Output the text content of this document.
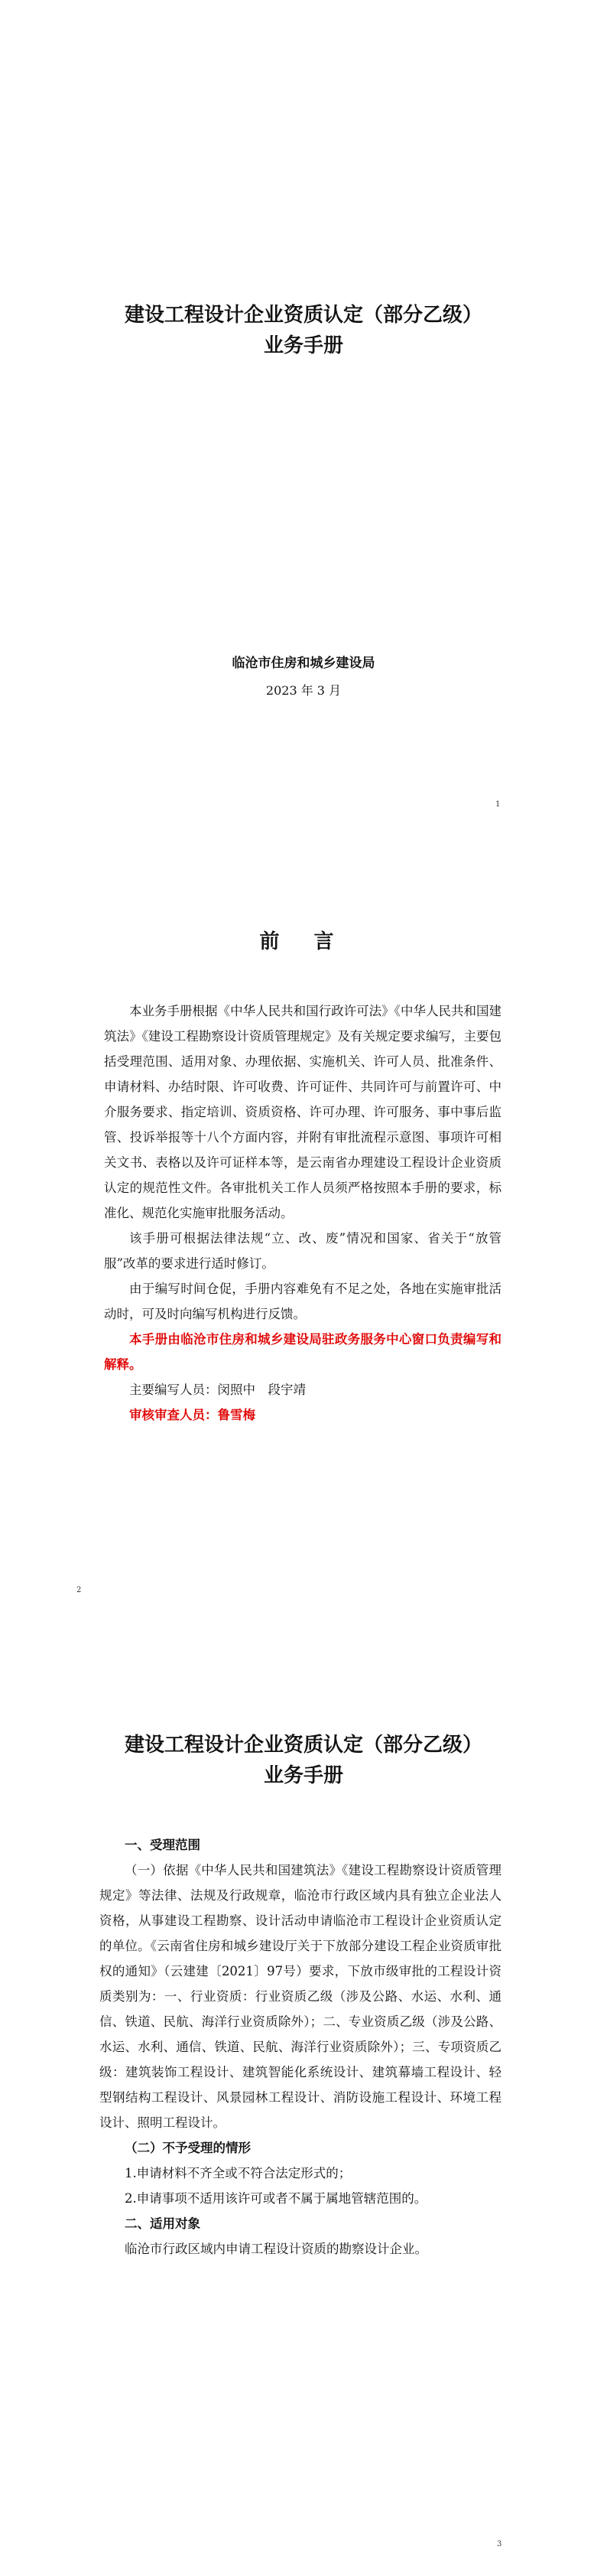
建设工程设计企业资质认定（部分乙级）
业务手册
临沧市住房和城乡建设局
2023 年 3 月
1
前 言

本业务手册根据《中华人民共和国行政许可法》《中华人民共和国建筑法》《建设工程勘察设计资质管理规定》及有关规定要求编写，主要包括受理范围、适用对象、办理依据、实施机关、许可人员、批准条件、申请材料、办结时限、许可收费、许可证件、共同许可与前置许可、中介服务要求、指定培训、资质资格、许可办理、许可服务、事中事后监管、投诉举报等十八个方面内容，并附有审批流程示意图、事项许可相关文书、表格以及许可证样本等，是云南省办理建设工程设计企业资质认定的规范性文件。各审批机关工作人员须严格按照本手册的要求，标准化、规范化实施审批服务活动。

该手册可根据法律法规“立、改、废”情况和国家、省关于“放管服”改革的要求进行适时修订。

由于编写时间仓促，手册内容难免有不足之处，各地在实施审批活动时，可及时向编写机构进行反馈。

本手册由临沧市住房和城乡建设局驻政务服务中心窗口负责编写和解释。

主要编写人员：闵照中　段宇靖

审核审查人员：鲁雪梅

2
建设工程设计企业资质认定（部分乙级）
业务手册

一、受理范围

（一）依据《中华人民共和国建筑法》《建设工程勘察设计资质管理规定》等法律、法规及行政规章，临沧市行政区域内具有独立企业法人资格，从事建设工程勘察、设计活动申请临沧市工程设计企业资质认定的单位。《云南省住房和城乡建设厅关于下放部分建设工程企业资质审批权的通知》（云建建〔2021〕97号）要求，下放市级审批的工程设计资质类别为：一、行业资质：行业资质乙级（涉及公路、水运、水利、通信、铁道、民航、海洋行业资质除外）；二、专业资质乙级（涉及公路、水运、水利、通信、铁道、民航、海洋行业资质除外）；三、专项资质乙级：建筑装饰工程设计、建筑智能化系统设计、建筑幕墙工程设计、轻型钢结构工程设计、风景园林工程设计、消防设施工程设计、环境工程设计、照明工程设计。

（二）不予受理的情形

1.申请材料不齐全或不符合法定形式的；

2.申请事项不适用该许可或者不属于属地管辖范围的。

二、适用对象

临沧市行政区域内申请工程设计资质的勘察设计企业。

3
